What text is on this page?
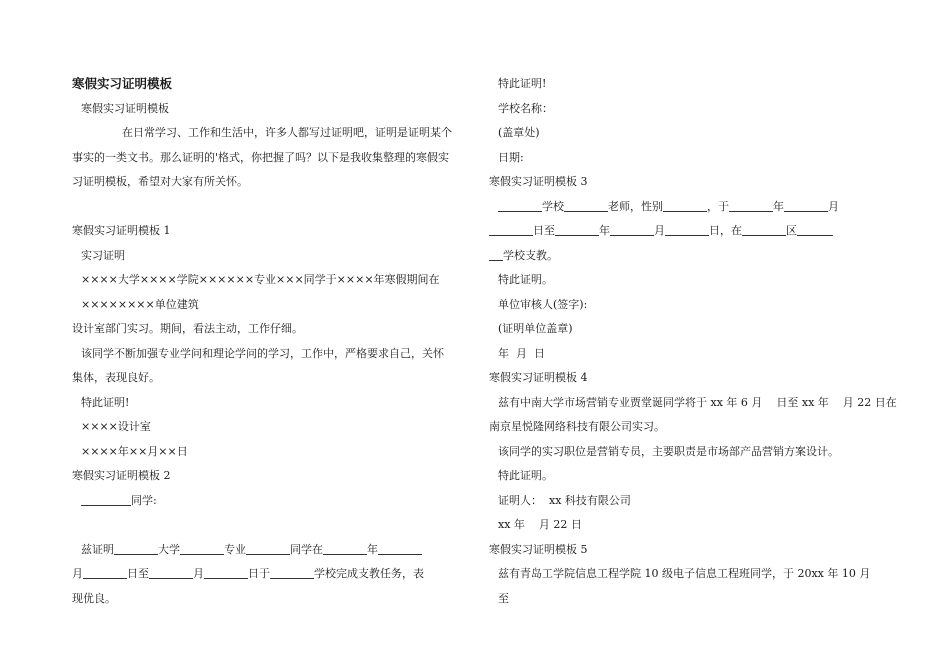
寒假实习证明模板

寒假实习证明模板

在日常学习、工作和生活中，许多人都写过证明吧，证明是证明某个

事实的一类文书。那么证明的'格式，你把握了吗？以下是我收集整理的寒假实

习证明模板，希望对大家有所关怀。

寒假实习证明模板 1

实习证明

××××大学××××学院××××××专业×××同学于××××年寒假期间在××××××××单位建筑

设计室部门实习。期间，看法主动，工作仔细。

该同学不断加强专业学问和理论学问的学习，工作中，严格要求自己，关怀

集体，表现良好。

特此证明!

××××设计室

××××年××月××日

寒假实习证明模板 2

同学:

兹证明	大学	专业	同学在	年

月	日至	月	日于	学校完成支教任务，表

现优良。

特此证明!

学校名称：

(盖章处)

日期:

寒假实习证明模板 3

学校	老师，性别	，于	年	月

日至	年	月	日，在	区

学校支教。

特此证明。

单位审核人(签字):

(证明单位盖章)

年  月  日

寒假实习证明模板 4

兹有中南大学市场营销专业贾堂诞同学将于 xx 年 6 月    日至 xx 年    月 22 日在

南京星悦隆网络科技有限公司实习。

该同学的实习职位是营销专员，主要职责是市场部产品营销方案设计。

特此证明。

证明人：  xx 科技有限公司

xx 年    月 22 日

寒假实习证明模板 5

兹有青岛工学院信息工程学院 10 级电子信息工程班同学，于 20xx 年 10 月至
